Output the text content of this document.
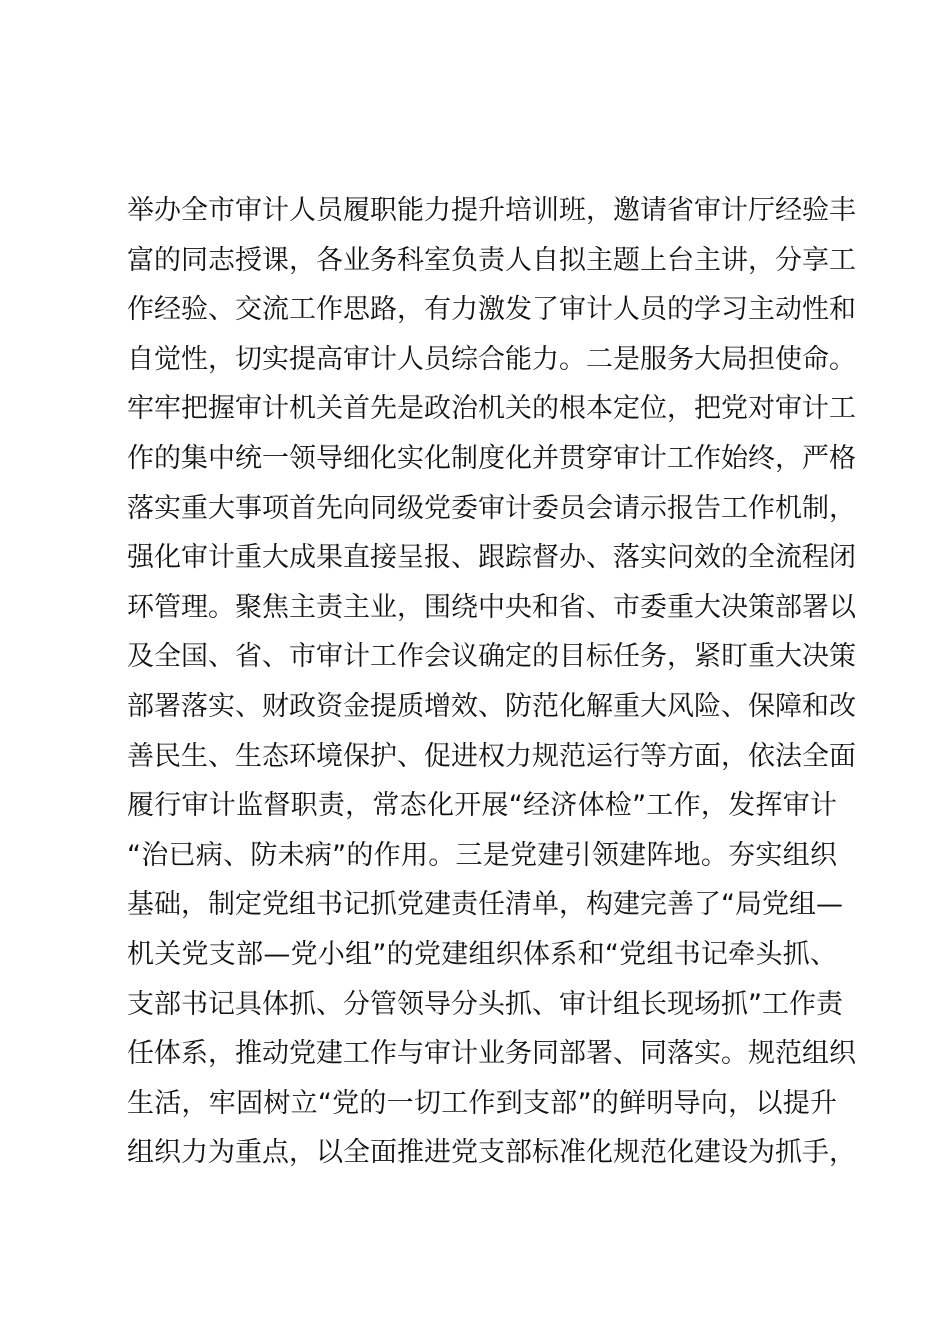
举办全市审计人员履职能力提升培训班，邀请省审计厅经验丰
富的同志授课，各业务科室负责人自拟主题上台主讲，分享工
作经验、交流工作思路，有力激发了审计人员的学习主动性和
自觉性，切实提高审计人员综合能力。二是服务大局担使命。
牢牢把握审计机关首先是政治机关的根本定位，把党对审计工
作的集中统一领导细化实化制度化并贯穿审计工作始终，严格
落实重大事项首先向同级党委审计委员会请示报告工作机制，
强化审计重大成果直接呈报、跟踪督办、落实问效的全流程闭
环管理。聚焦主责主业，围绕中央和省、市委重大决策部署以
及全国、省、市审计工作会议确定的目标任务，紧盯重大决策
部署落实、财政资金提质增效、防范化解重大风险、保障和改
善民生、生态环境保护、促进权力规范运行等方面，依法全面
履行审计监督职责，常态化开展“经济体检”工作，发挥审计
“治已病、防未病”的作用。三是党建引领建阵地。夯实组织
基础，制定党组书记抓党建责任清单，构建完善了“局党组—
机关党支部—党小组”的党建组织体系和“党组书记牵头抓、
支部书记具体抓、分管领导分头抓、审计组长现场抓”工作责
任体系，推动党建工作与审计业务同部署、同落实。规范组织
生活，牢固树立“党的一切工作到支部”的鲜明导向，以提升
组织力为重点，以全面推进党支部标准化规范化建设为抓手，
